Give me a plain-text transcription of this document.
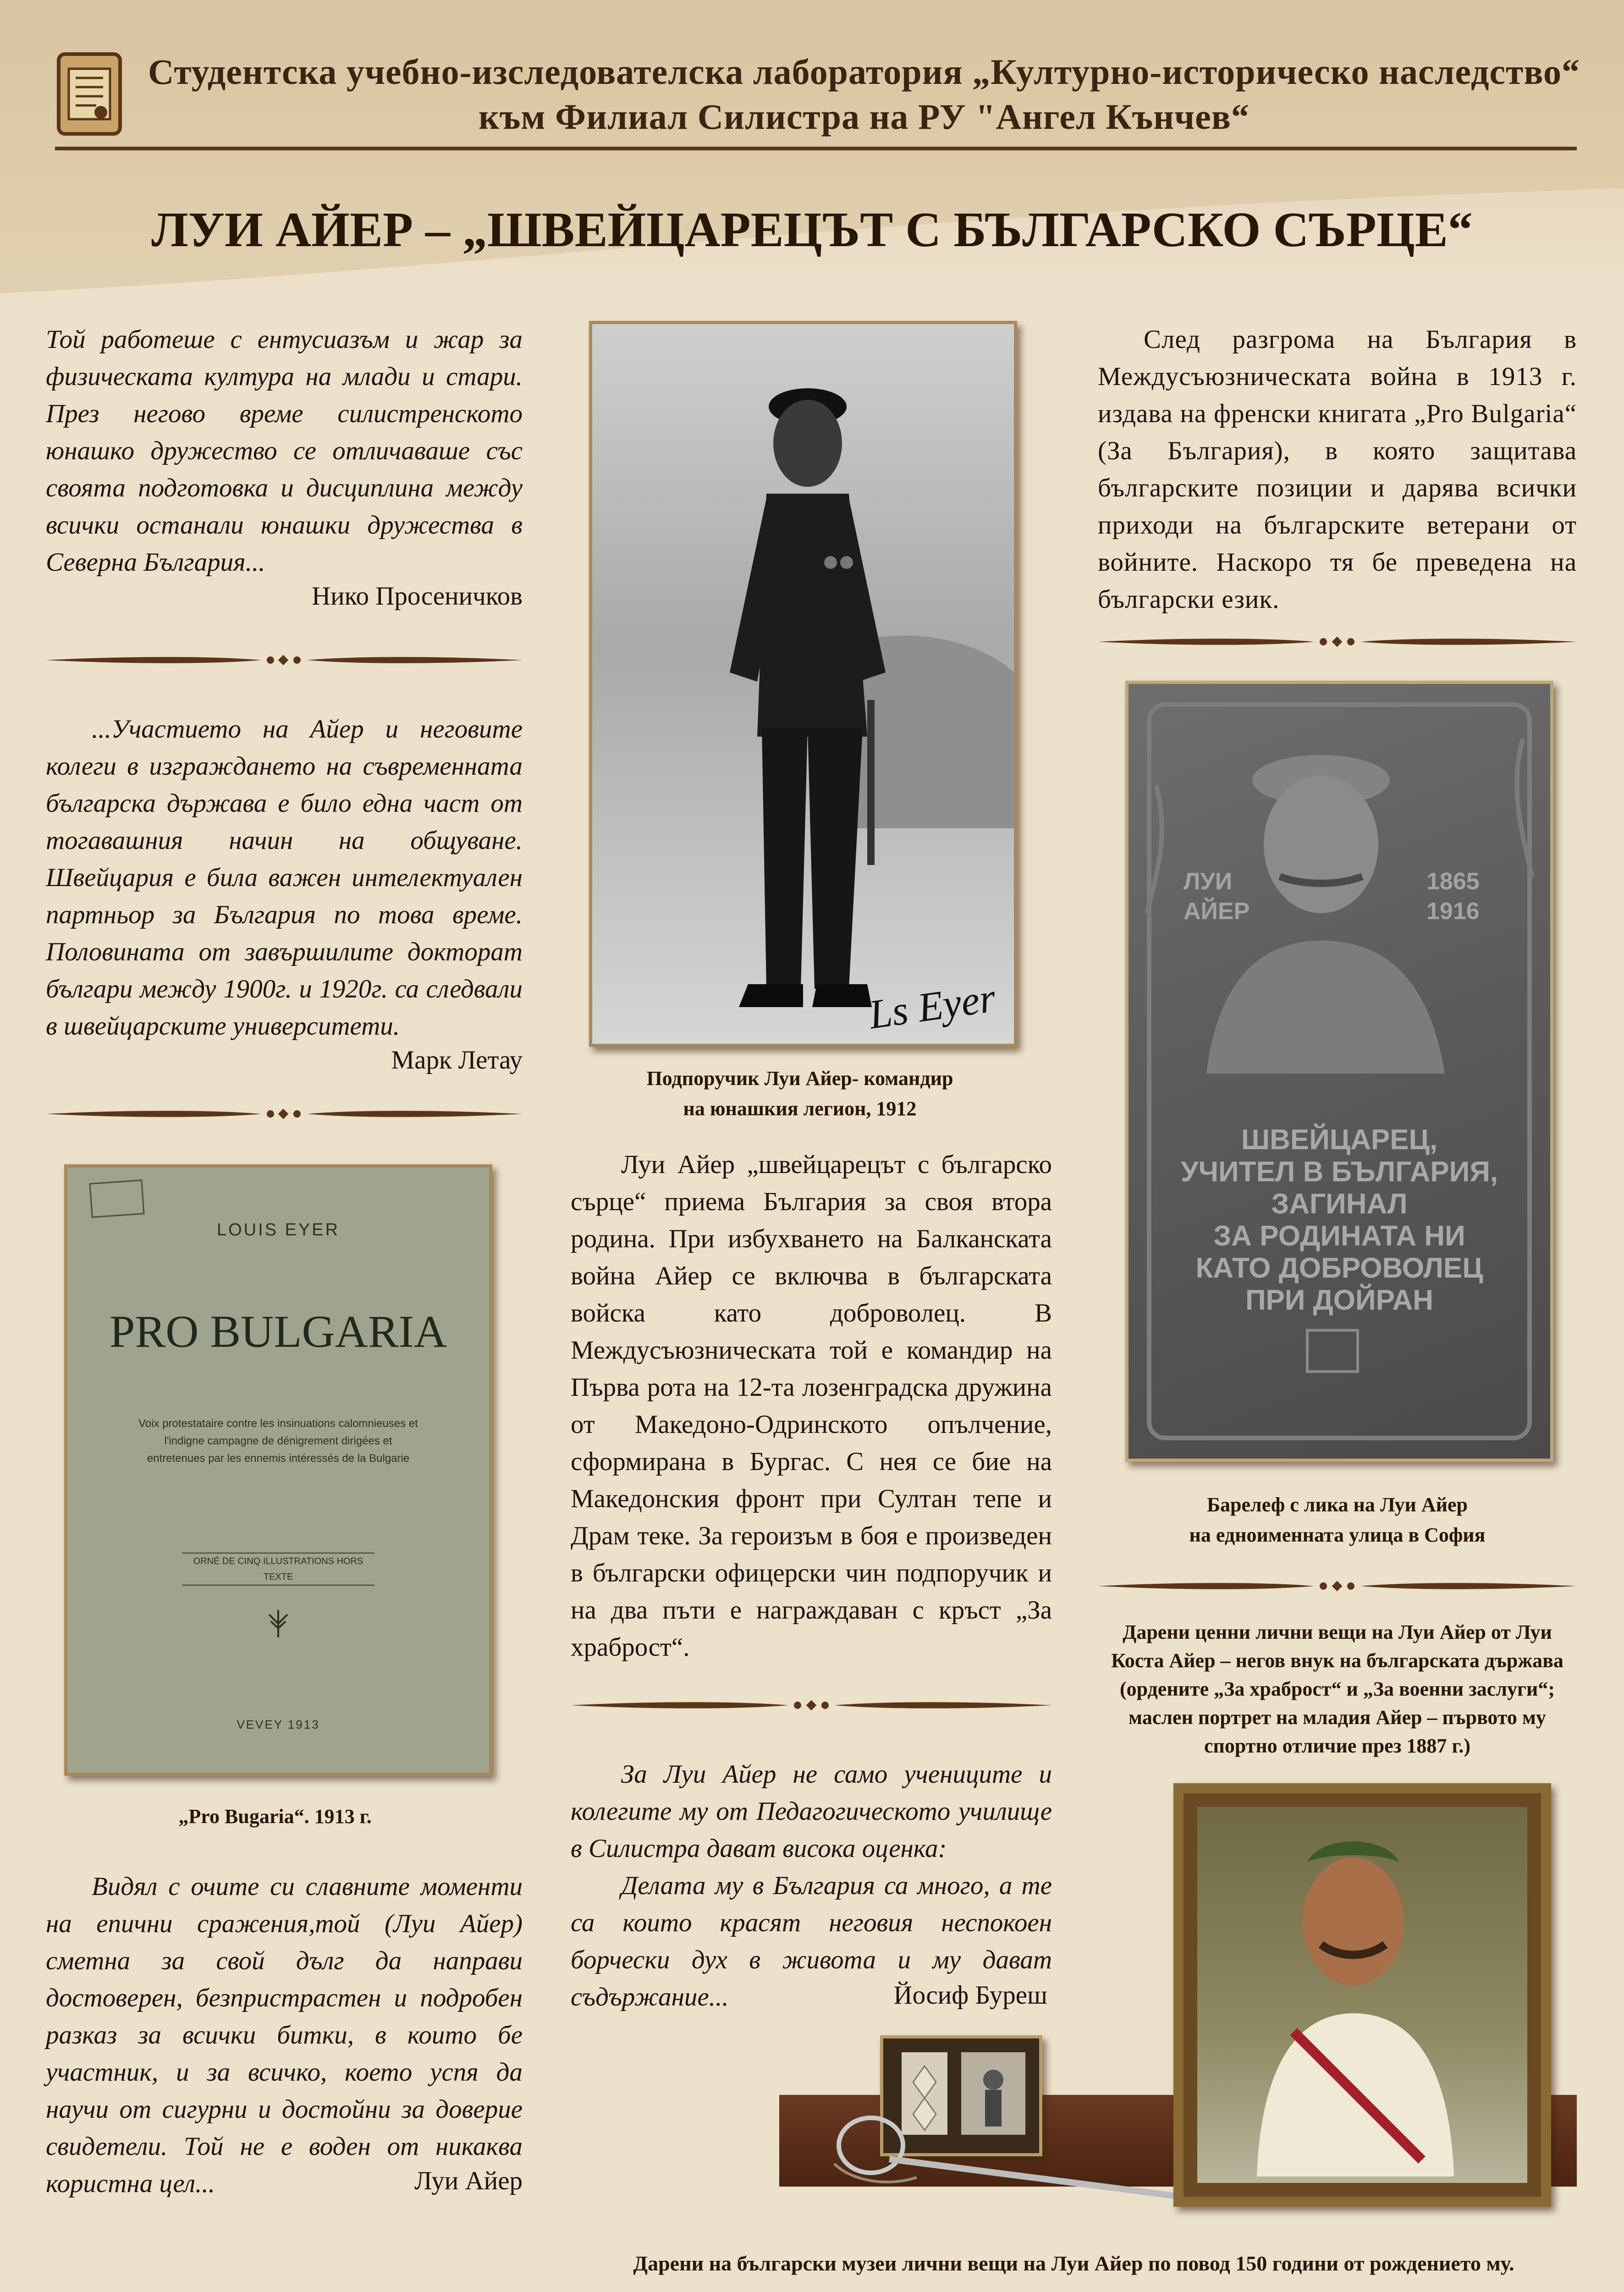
Студентска учебно-изследователска лаборатория „Културно-историческо наследство“
към Филиал Силистра на РУ "Ангел Кънчев“
ЛУИ АЙЕР – „ШВЕЙЦАРЕЦЪТ С БЪЛГАРСКО СЪРЦЕ“
Той работеше с ентусиазъм и жар за физическата култура на млади и стари. През негово време силистренското юнашко дружество се отличаваше със своята подготовка и дисциплина между всички останали юнашки дружества в Северна България...
Нико Просеничков
...Участието на Айер и неговите колеги в изграждането на съвременната българска държава е било една част от тогавашния начин на общуване. Швейцария е била важен интелектуален партньор за България по това време. Половината от завършилите докторат българи между 1900г. и 1920г. са следвали в швейцарските университети.
Марк Летау
LOUIS EYER
PRO BULGARIA
Voix protestataire contre les insinuations calomnieuses et l'indigne campagne de dénigrement dirigées et entretenues par les ennemis intéressés de la Bulgarie
ORNÉ DE CINQ ILLUSTRATIONS HORS TEXTE
VEVEY 1913
„Pro Bugaria“. 1913 г.
Видял с очите си славните моменти на епични сражения,той (Луи Айер) сметна за свой дълг да направи достоверен, безпристрастен и подробен разказ за всички битки, в които бе участник, и за всичко, което успя да научи от сигурни и достойни за доверие свидетели. Той не е воден от никаква користна цел...	Луи Айер
Ls Eyer
Подпоручик Луи Айер- командир
на юнашкия легион, 1912
Луи Айер „швейцарецът с българско сърце“ приема България за своя втора родина. При избухването на Балканската война Айер се включва в българската войска като доброволец. В Междусъюзническата той е командир на Първа рота на 12-та лозенградска дружина от Македоно-Одринското опълчение, сформирана в Бургас. С нея се бие на Македонския фронт при Султан тепе и Драм теке. За героизъм в боя е произведен в български офицерски чин подпоручик и на два пъти е награждаван с кръст „За храброст“.
За Луи Айер не само учениците и колегите му от Педагогическото училище в Силистра дават висока оценка:
Делата му в България са много, а те са които красят неговия неспокоен борчески дух в живота и му дават съдържание...	Йосиф Буреш
След разгрома на България в Междусъюзническата война в 1913 г. издава на френски книгата „Pro Bulgaria“ (За България), в която защитава българските позиции и дарява всички приходи на българските ветерани от войните. Наскоро тя бе преведена на български език.
ЛУИ
АЙЕР
1865
1916
ШВЕЙЦАРЕЦ,
УЧИТЕЛ В БЪЛГАРИЯ,
ЗАГИНАЛ
ЗА РОДИНАТА НИ
КАТО ДОБРОВОЛЕЦ
ПРИ ДОЙРАН
Барелеф с лика на Луи Айер
на едноименната улица в София
Дарени ценни лични вещи на Луи Айер от Луи Коста Айер – негов внук на българската държава (ордените „За храброст“ и „За военни заслуги“; маслен портрет на младия Айер – първото му спортно отличие през 1887 г.)
Дарени на български музеи лични вещи на Луи Айер по повод 150 години от рождението му.
